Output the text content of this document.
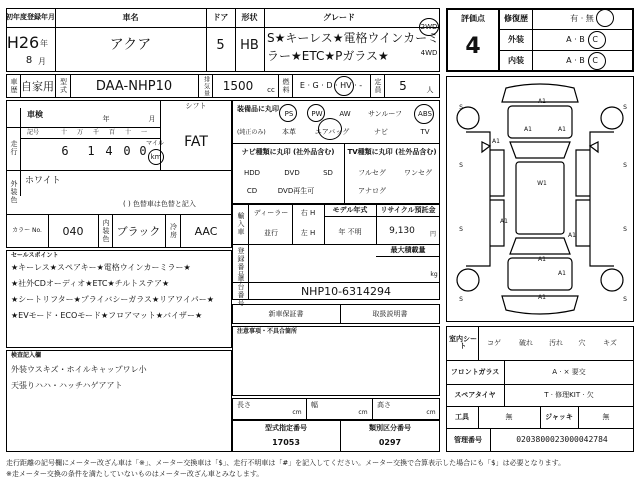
初年度登録年月
H26 年
8 月
車名
アクア
ドア
5
形状
HB
グレード
S★キーレス★電格ウインカーミ
ラー★ETC★Pガラス★
2WD
4WD
車歴 自家用 型式	DAA-NHP10	排気量	1500	cc	燃料	E · G · D · HV · -	定員	5	人
評価点
4
修復歴	有 · 無
外装	A · B · C
内装	A · B · C
車検	年	月
シフト
FAT
走行
記号	十	万	千	百	十	一
6 1 4 0 0
マイル
km
外装色 ホワイト
( ) 色替車は色替と記入
カラー No.	040	内装色 ブラック	冷房	AAC
装備品に丸印
(純正のみ)
PS	PW	AW	サンルーフ	ABS
本革	エアバッグ	ナビ	TV
ナビ種類に丸印 (社外品含む)	TV種類に丸印 (社外品含む)
HDD	DVD	SD
CD	DVD再生可
フルセグ	ワンセグ
アナログ
輸入車	ディーラー
並行
右 H
左 H
モデル年式
年 不明
リサイクル預託金
9,130	円
最大積載量
登録番号	kg
車台番号	NHP10-6314294
新車保証書	取扱説明書
セールスポイント
★キーレス★スペアキー★電格ウインカーミラー★
★社外CDオーディオ★ETC★チルトステア★
★シートリフター★プライバシーガラス★リアワイパー★
★EVモード・ECOモード★フロアマット★バイザー★
注意事項・不具合箇所
検査記入欄
外装ウスキズ・ホイルキャップワレ小
天張りハハ・ハッチハゲアアト
長さ
cm
幅
cm
高さ
cm
型式指定番号
17053
類別区分番号
0297
A1
A1	A1
A1
W1
A1
A1
A1
A1
A1
S	S
S	S
S	S
S	S
室内シート	コゲ	破れ	汚れ	穴	キズ
フロントガラス	A · × 要交
スペアタイヤ	T · 修理KIT · 欠
工具	無	ジャッキ	無
管理番号	0203800023000042784
走行距離の記号欄にメーター改ざん車は「※」、メーター交換車は「$」、走行不明車は「#」を記入してください。メーター交換で合算表示した場合にも「$」は必要となります。
※走メーター交換の条件を満たしていないものはメーター改ざん車とみなします。
